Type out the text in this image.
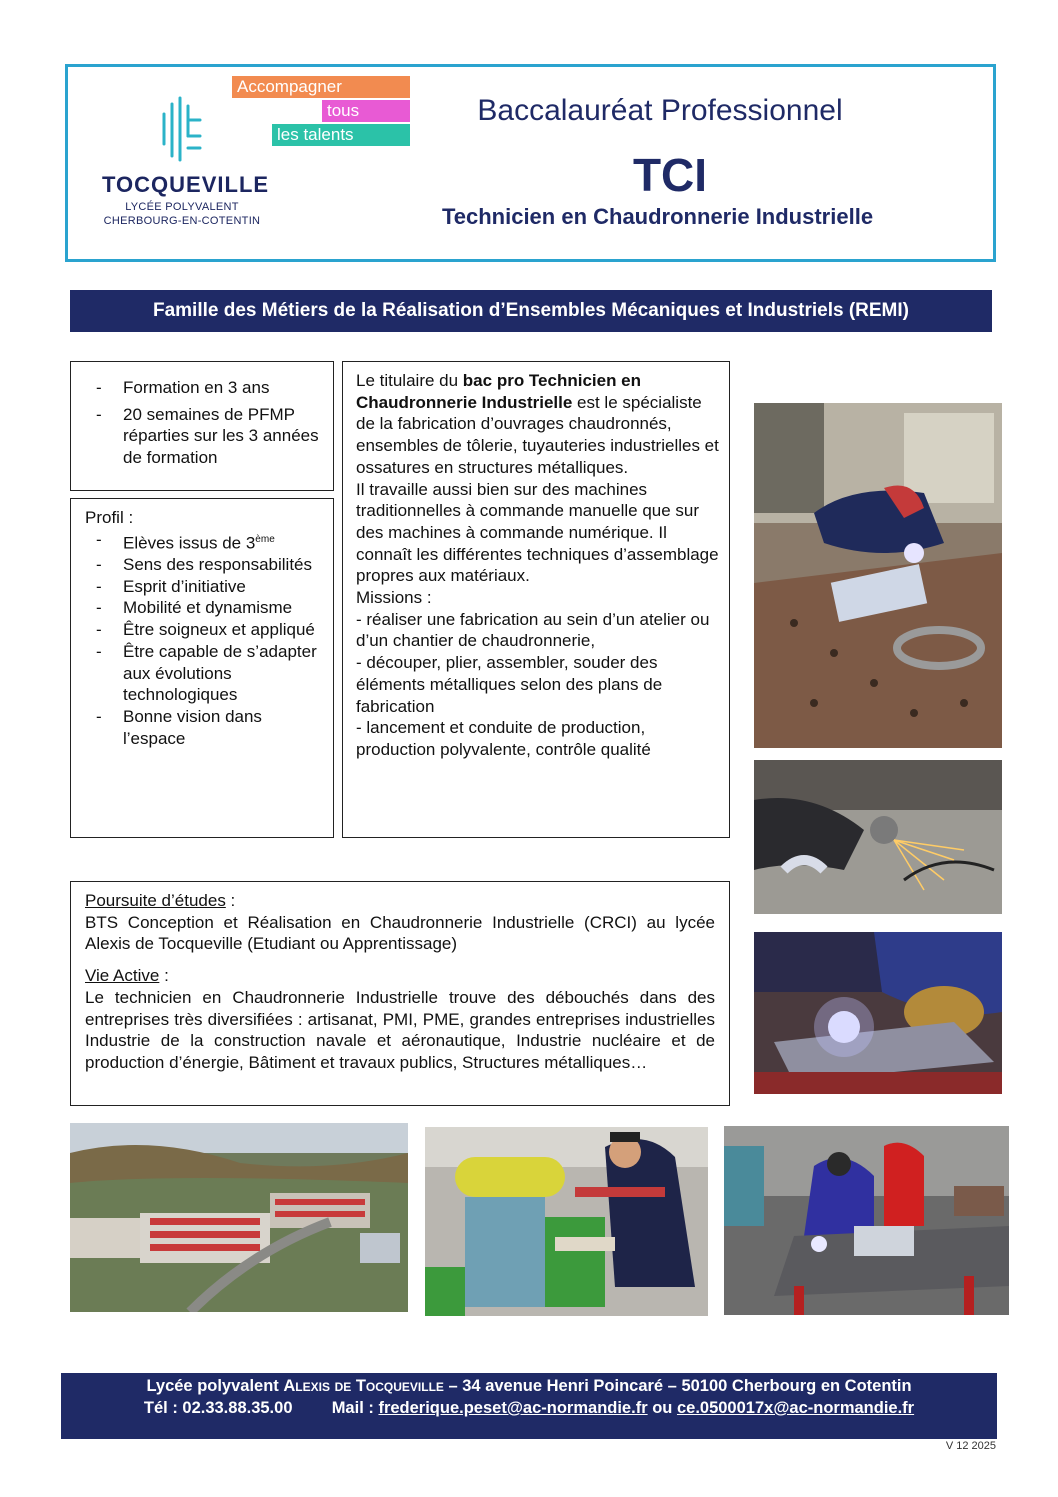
TOCQUEVILLE
LYCÉE POLYVALENT
CHERBOURG-EN-COTENTIN
Accompagner
tous
les talents
Baccalauréat Professionnel
TCI
Technicien en Chaudronnerie Industrielle
Famille des Métiers de la Réalisation d’Ensembles Mécaniques et Industriels (REMI)
- Formation en 3 ans
- 20 semaines de PFMP réparties sur les 3 années de formation
Profil :
- Elèves issus de 3ème
- Sens des responsabilités
- Esprit d’initiative
- Mobilité et dynamisme
- Être soigneux et appliqué
- Être capable de s’adapter aux évolutions technologiques
- Bonne vision dans l’espace
Le titulaire du bac pro Technicien en Chaudronnerie Industrielle est le spécialiste de la fabrication d’ouvrages chaudronnés, ensembles de tôlerie, tuyauteries industrielles et ossatures en structures métalliques.
Il travaille aussi bien sur des machines traditionnelles à commande manuelle que sur des machines à commande numérique. Il connaît les différentes techniques d’assemblage propres aux matériaux.
Missions :
- réaliser une fabrication au sein d’un atelier ou d’un chantier de chaudronnerie,
- découper, plier, assembler, souder des éléments métalliques selon des plans de fabrication
- lancement et conduite de production, production polyvalente, contrôle qualité
Poursuite d’études :
BTS Conception et Réalisation en Chaudronnerie Industrielle (CRCI) au lycée Alexis de Tocqueville (Etudiant ou Apprentissage)
Vie Active :
Le technicien en Chaudronnerie Industrielle trouve des débouchés dans des entreprises très diversifiées : artisanat, PMI, PME, grandes entreprises industrielles Industrie de la construction navale et aéronautique, Industrie nucléaire et de production d’énergie, Bâtiment et travaux publics, Structures métalliques…
Lycée polyvalent Alexis de Tocqueville – 34 avenue Henri Poincaré – 50100 Cherbourg en Cotentin
Tél : 02.33.88.35.00 Mail : frederique.peset@ac-normandie.fr ou ce.0500017x@ac-normandie.fr
V 12 2025
